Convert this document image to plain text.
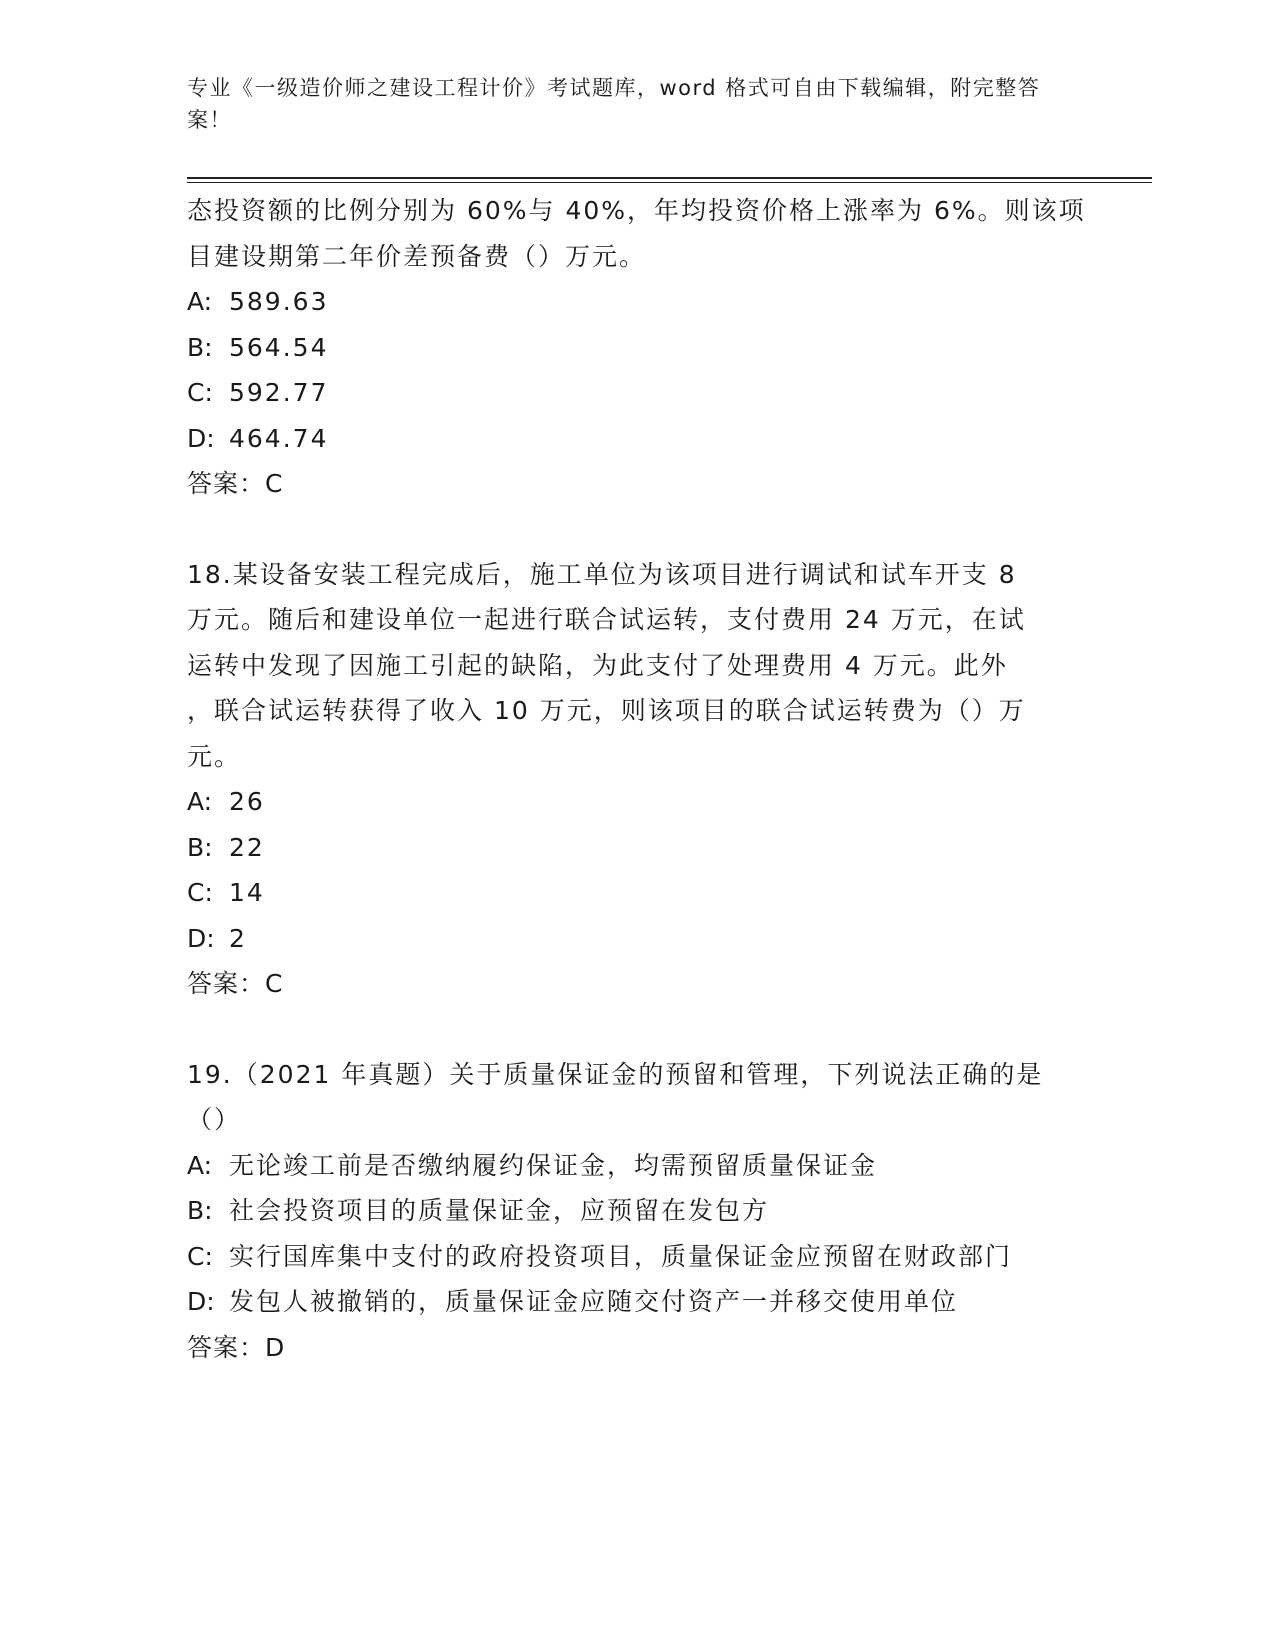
专业《一级造价师之建设工程计价》考试题库，word 格式可自由下载编辑，附完整答案！

态投资额的比例分别为 60%与 40%，年均投资价格上涨率为 6%。则该项

目建设期第二年价差预备费（）万元。

A: 589.63

B: 564.54

C: 592.77

D: 464.74

答案：C

18.某设备安装工程完成后，施工单位为该项目进行调试和试车开支 8

万元。随后和建设单位一起进行联合试运转，支付费用 24 万元，在试

运转中发现了因施工引起的缺陷，为此支付了处理费用 4 万元。此外

，联合试运转获得了收入 10 万元，则该项目的联合试运转费为（）万

元。

A: 26

B: 22

C: 14

D: 2

答案：C

19.（2021 年真题）关于质量保证金的预留和管理，下列说法正确的是

（）

A: 无论竣工前是否缴纳履约保证金，均需预留质量保证金

B: 社会投资项目的质量保证金，应预留在发包方

C: 实行国库集中支付的政府投资项目，质量保证金应预留在财政部门

D: 发包人被撤销的，质量保证金应随交付资产一并移交使用单位

答案：D
